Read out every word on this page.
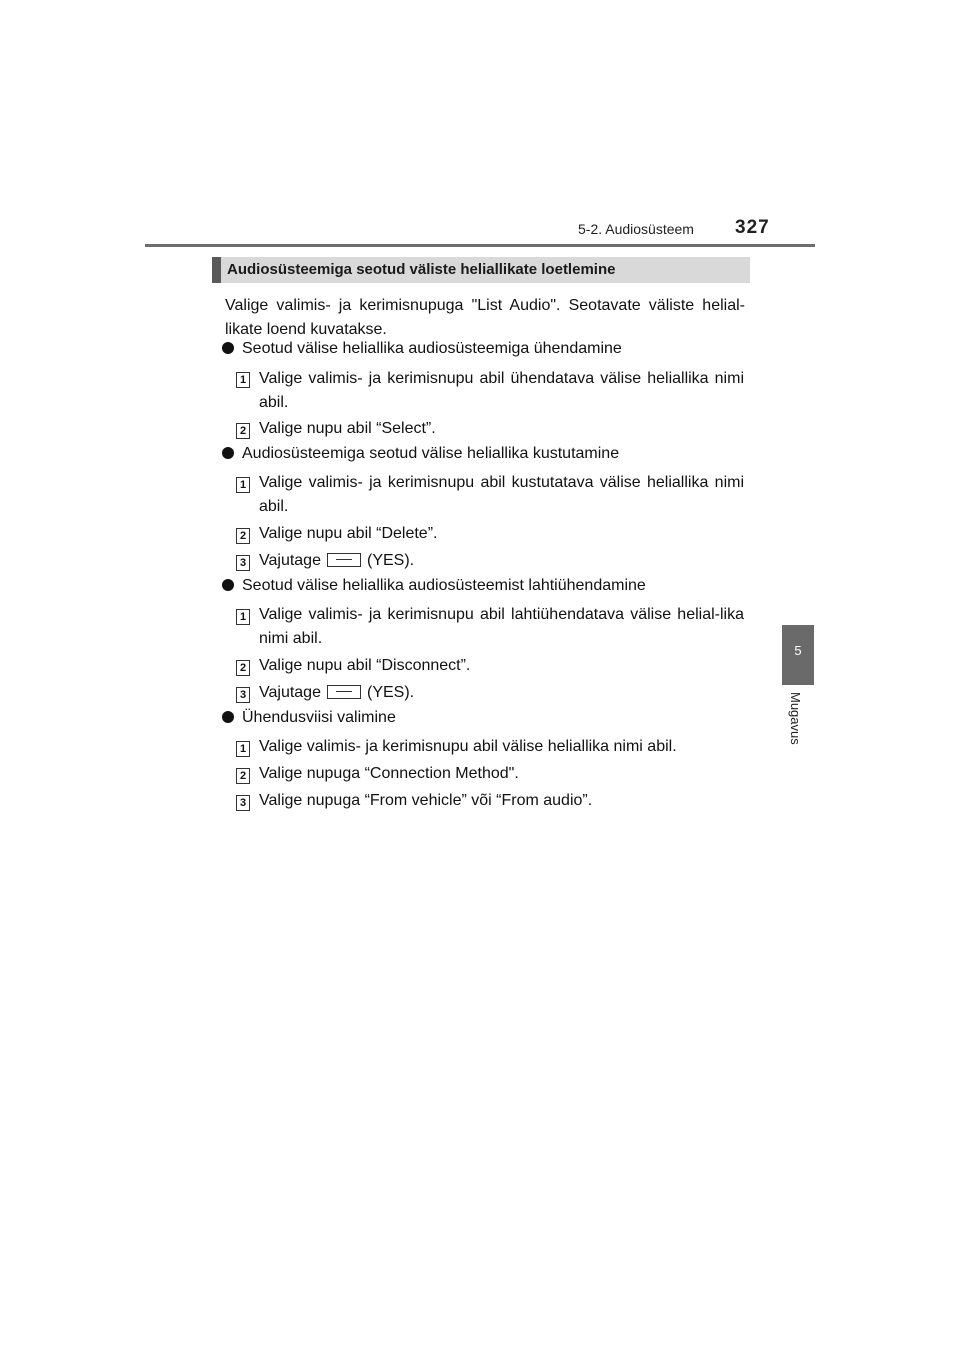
5-2. Audiosüsteem 327
Audiosüsteemiga seotud väliste heliallikate loetlemine
Valige valimis- ja kerimisnupuga "List Audio". Seotavate väliste helial-likate loend kuvatakse.
Seotud välise heliallika audiosüsteemiga ühendamine
1 Valige valimis- ja kerimisnupu abil ühendatava välise heliallika nimi abil.
2 Valige nupu abil “Select”.
Audiosüsteemiga seotud välise heliallika kustutamine
1 Valige valimis- ja kerimisnupu abil kustutatava välise heliallika nimi abil.
2 Valige nupu abil “Delete”.
3 Vajutage	(YES).
Seotud välise heliallika audiosüsteemist lahtiühendamine
1 Valige valimis- ja kerimisnupu abil lahtiühendatava välise helial-lika nimi abil.
2 Valige nupu abil “Disconnect”.
3 Vajutage	(YES).
Ühendusviisi valimine
1 Valige valimis- ja kerimisnupu abil välise heliallika nimi abil.
2 Valige nupuga “Connection Method".
3 Valige nupuga “From vehicle” või “From audio”.
5
Mugavus
